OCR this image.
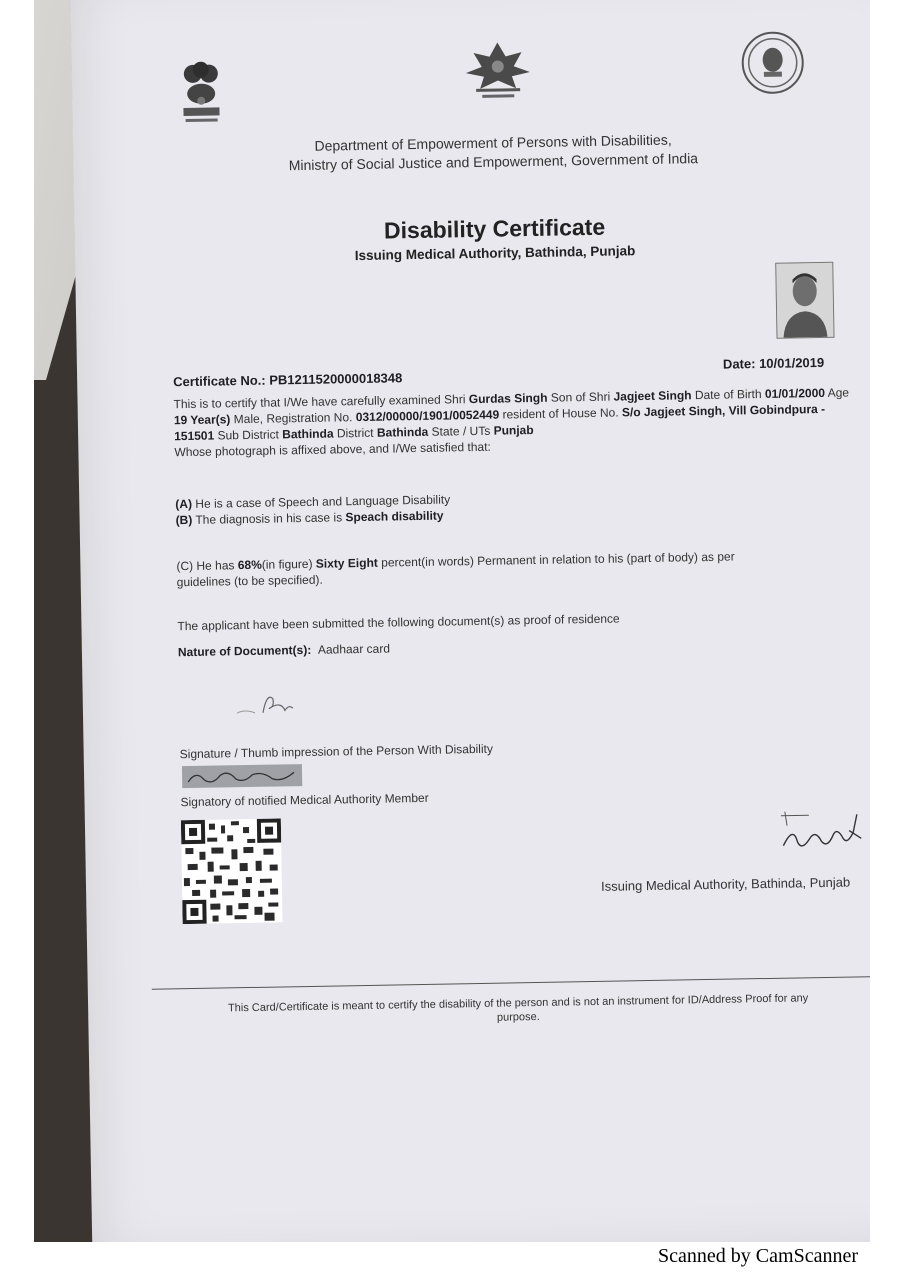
Department of Empowerment of Persons with Disabilities,
Ministry of Social Justice and Empowerment, Government of India
Disability Certificate
Issuing Medical Authority, Bathinda, Punjab
Date: 10/01/2019
Certificate No.: PB1211520000018348
This is to certify that I/We have carefully examined Shri Gurdas Singh Son of Shri Jagjeet Singh Date of Birth 01/01/2000 Age 19 Year(s) Male, Registration No. 0312/00000/1901/0052449 resident of House No. S/o Jagjeet Singh, Vill Gobindpura - 151501 Sub District Bathinda District Bathinda State / UTs Punjab
Whose photograph is affixed above, and I/We satisfied that:
(A) He is a case of Speech and Language Disability
(B) The diagnosis in his case is Speach disability
(C) He has 68%(in figure) Sixty Eight percent(in words) Permanent in relation to his (part of body) as per
guidelines (to be specified).
The applicant have been submitted the following document(s) as proof of residence
Nature of Document(s): Aadhaar card
Signature / Thumb impression of the Person With Disability
Signatory of notified Medical Authority Member
Issuing Medical Authority, Bathinda, Punjab
This Card/Certificate is meant to certify the disability of the person and is not an instrument for ID/Address Proof for any
purpose.
Scanned by CamScanner
